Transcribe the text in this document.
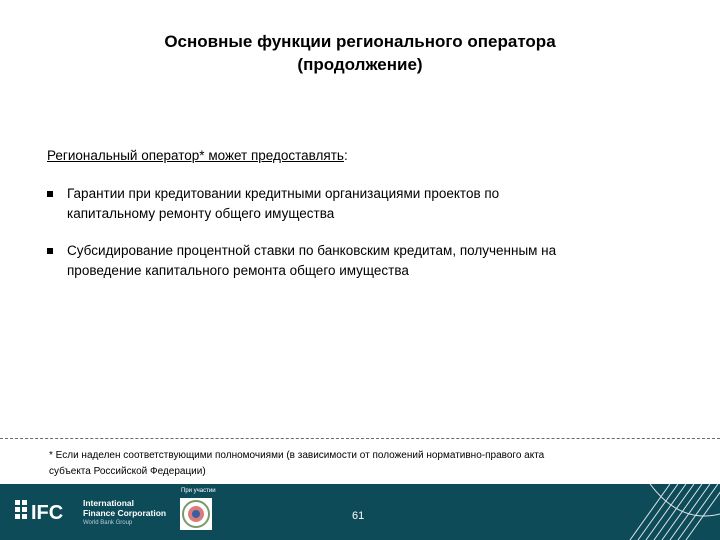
Основные функции регионального оператора
(продолжение)
Региональный оператор* может предоставлять:
Гарантии при кредитовании кредитными организациями проектов по
капитальному ремонту общего имущества
Субсидирование процентной ставки по банковским кредитам, полученным на
проведение капитального ремонта общего имущества
* Если наделен соответствующими полномочиями (в зависимости от положений нормативно-правого акта
субъекта Российской Федерации)
IFC International
Finance Corporation
World Bank Group
При участии
61
